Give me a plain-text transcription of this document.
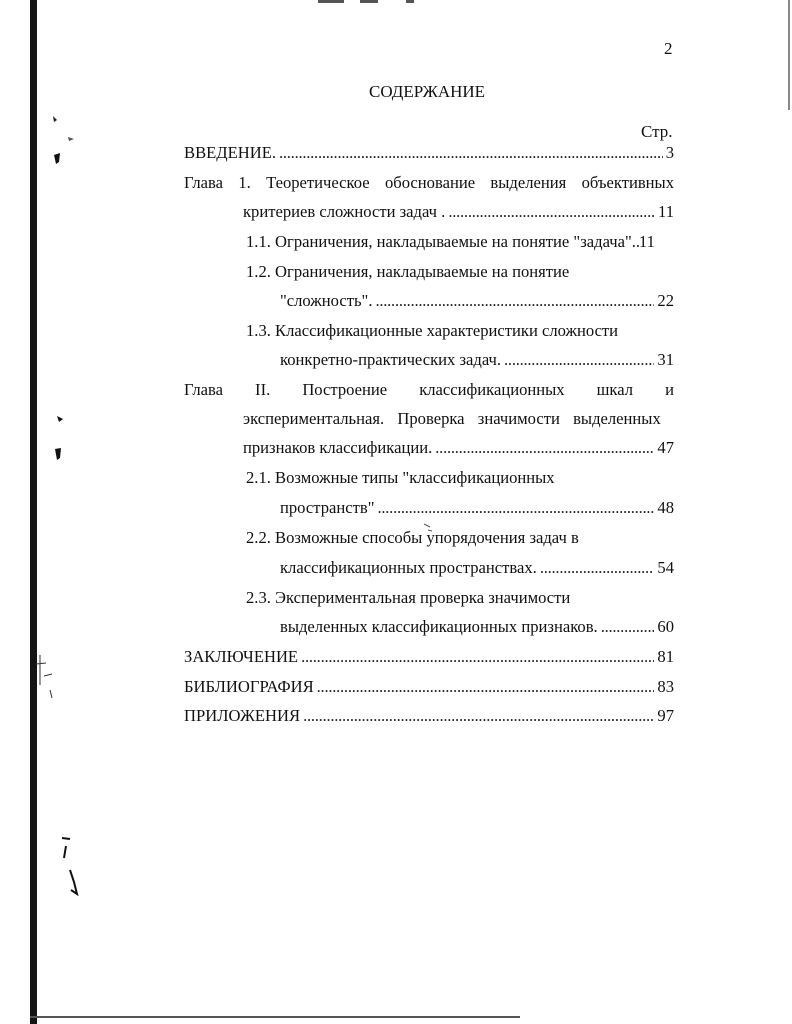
2
СОДЕРЖАНИЕ
Стр.
ВВЕДЕНИЕ. . . .	3
Глава 1. Теоретическое обоснование выделения объективных
критериев сложности задач . . . .	11
1.1. Ограничения, накладываемые на понятие "задача". . . . 11
1.2. Ограничения, накладываемые на понятие
"сложность". . . .	22
1.3. Классификационные характеристики сложности
конкретно-практических задач. . . .	31
Глава II. Построение классификационных шкал и
экспериментальная. Проверка значимости выделенных
признаков классификации. . . .	47
2.1. Возможные типы "классификационных
пространств" . . .	48
2.2. Возможные способы упорядочения задач в
классификационных пространствах. . . .	54
2.3. Экспериментальная проверка значимости
выделенных классификационных признаков. . . .	60
ЗАКЛЮЧЕНИЕ . . .	81
БИБЛИОГРАФИЯ . . .	83
ПРИЛОЖЕНИЯ . . .	97
